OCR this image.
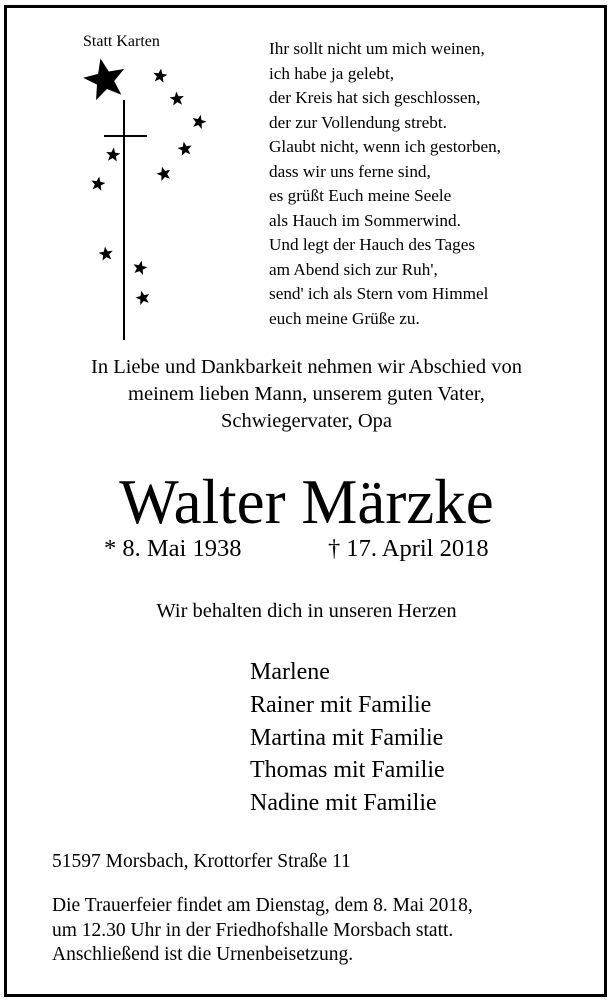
Statt Karten	Ihr sollt nicht um mich weinen,
ich habe ja gelebt,
der Kreis hat sich geschlossen,
der zur Vollendung strebt.
Glaubt nicht, wenn ich gestorben,
dass wir uns ferne sind,
es grüßt Euch meine Seele
als Hauch im Sommerwind.
Und legt der Hauch des Tages
am Abend sich zur Ruh',
send' ich als Stern vom Himmel
euch meine Grüße zu.
In Liebe und Dankbarkeit nehmen wir Abschied von
meinem lieben Mann, unserem guten Vater,
Schwiegervater, Opa
Walter Märzke
* 8. Mai 1938	† 17. April 2018
Wir behalten dich in unseren Herzen
Marlene
Rainer mit Familie
Martina mit Familie
Thomas mit Familie
Nadine mit Familie
51597 Morsbach, Krottorfer Straße 11
Die Trauerfeier findet am Dienstag, dem 8. Mai 2018,
um 12.30 Uhr in der Friedhofshalle Morsbach statt.
Anschließend ist die Urnenbeisetzung.
